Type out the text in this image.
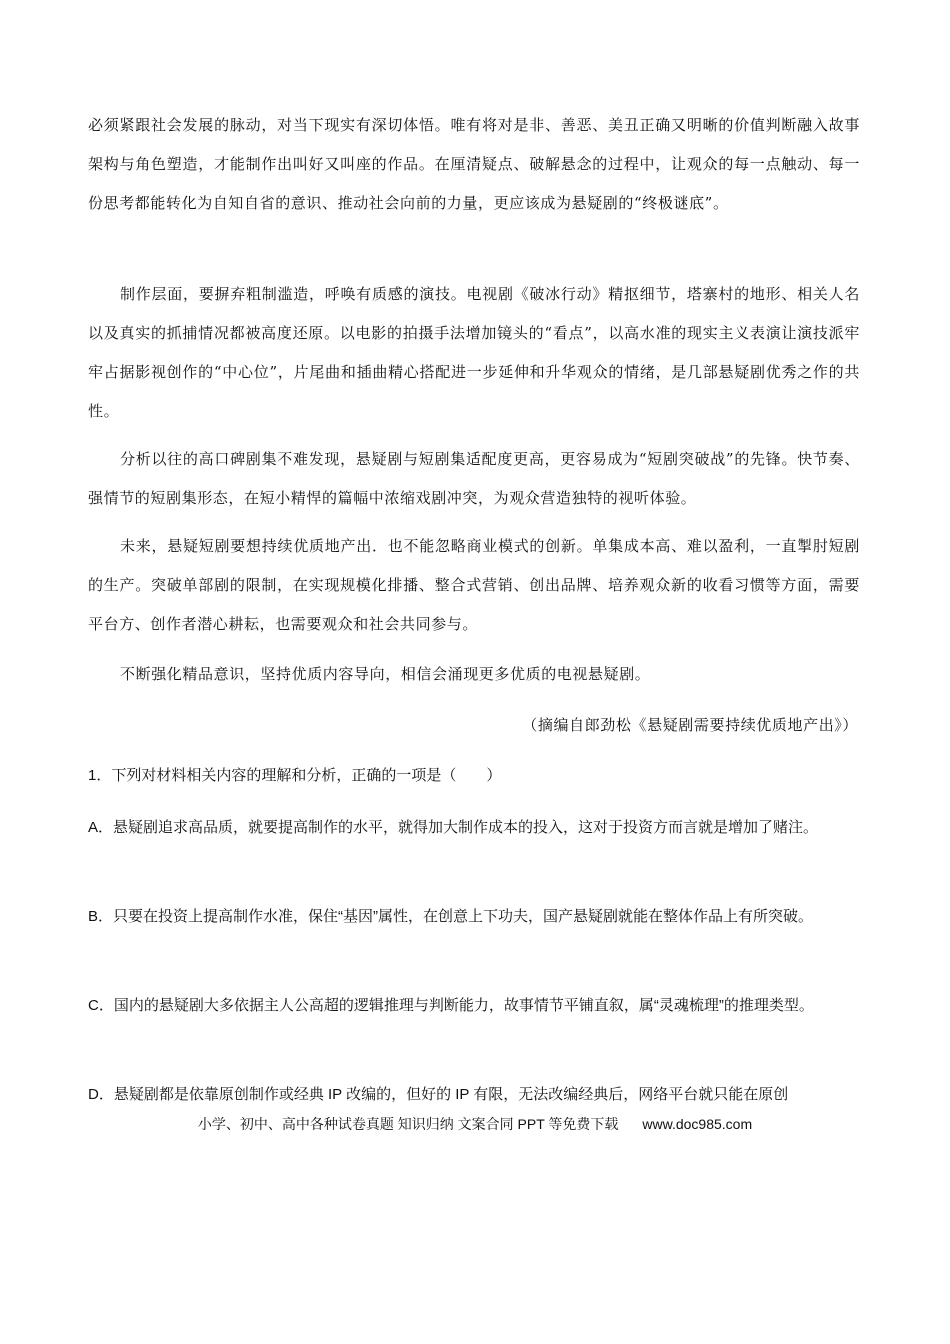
必须紧跟社会发展的脉动，对当下现实有深切体悟。唯有将对是非、善恶、美丑正确又明晰的价值判断融入故事架构与角色塑造，才能制作出叫好又叫座的作品。在厘清疑点、破解悬念的过程中，让观众的每一点触动、每一份思考都能转化为自知自省的意识、推动社会向前的力量，更应该成为悬疑剧的“终极谜底”。

制作层面，要摒弃粗制滥造，呼唤有质感的演技。电视剧《破冰行动》精抠细节，塔寨村的地形、相关人名以及真实的抓捕情况都被高度还原。以电影的拍摄手法增加镜头的“看点”，以高水准的现实主义表演让演技派牢牢占据影视创作的“中心位”，片尾曲和插曲精心搭配进一步延伸和升华观众的情绪，是几部悬疑剧优秀之作的共性。

分析以往的高口碑剧集不难发现，悬疑剧与短剧集适配度更高，更容易成为“短剧突破战”的先锋。快节奏、强情节的短剧集形态，在短小精悍的篇幅中浓缩戏剧冲突，为观众营造独特的视听体验。

未来，悬疑短剧要想持续优质地产出．也不能忽略商业模式的创新。单集成本高、难以盈利，一直掣肘短剧的生产。突破单部剧的限制，在实现规模化排播、整合式营销、创出品牌、培养观众新的收看习惯等方面，需要平台方、创作者潜心耕耘，也需要观众和社会共同参与。

不断强化精品意识，坚持优质内容导向，相信会涌现更多优质的电视悬疑剧。

（摘编自郎劲松《悬疑剧需要持续优质地产出》）

1．下列对材料相关内容的理解和分析，正确的一项是（　　）

A．悬疑剧追求高品质，就要提高制作的水平，就得加大制作成本的投入，这对于投资方而言就是增加了赌注。

B．只要在投资上提高制作水准，保住“基因”属性，在创意上下功夫，国产悬疑剧就能在整体作品上有所突破。

C．国内的悬疑剧大多依据主人公高超的逻辑推理与判断能力，故事情节平铺直叙，属“灵魂梳理”的推理类型。

D．悬疑剧都是依靠原创制作或经典 IP 改编的，但好的 IP 有限，无法改编经典后，网络平台就只能在原创

小学、初中、高中各种试卷真题 知识归纳 文案合同 PPT 等免费下载 www.doc985.com
